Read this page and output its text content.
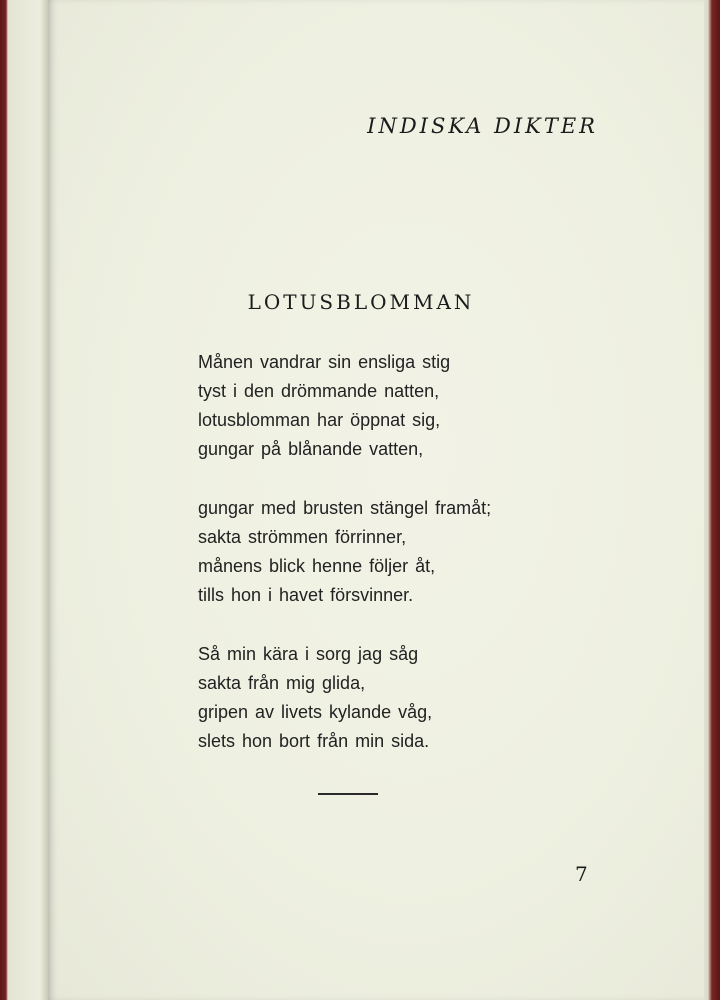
INDISKA DIKTER
LOTUSBLOMMAN
Månen vandrar sin ensliga stig
tyst i den drömmande natten,
lotusblomman har öppnat sig,
gungar på blånande vatten,
gungar med brusten stängel framåt;
sakta strömmen förrinner,
månens blick henne följer åt,
tills hon i havet försvinner.
Så min kära i sorg jag såg
sakta från mig glida,
gripen av livets kylande våg,
slets hon bort från min sida.
7
